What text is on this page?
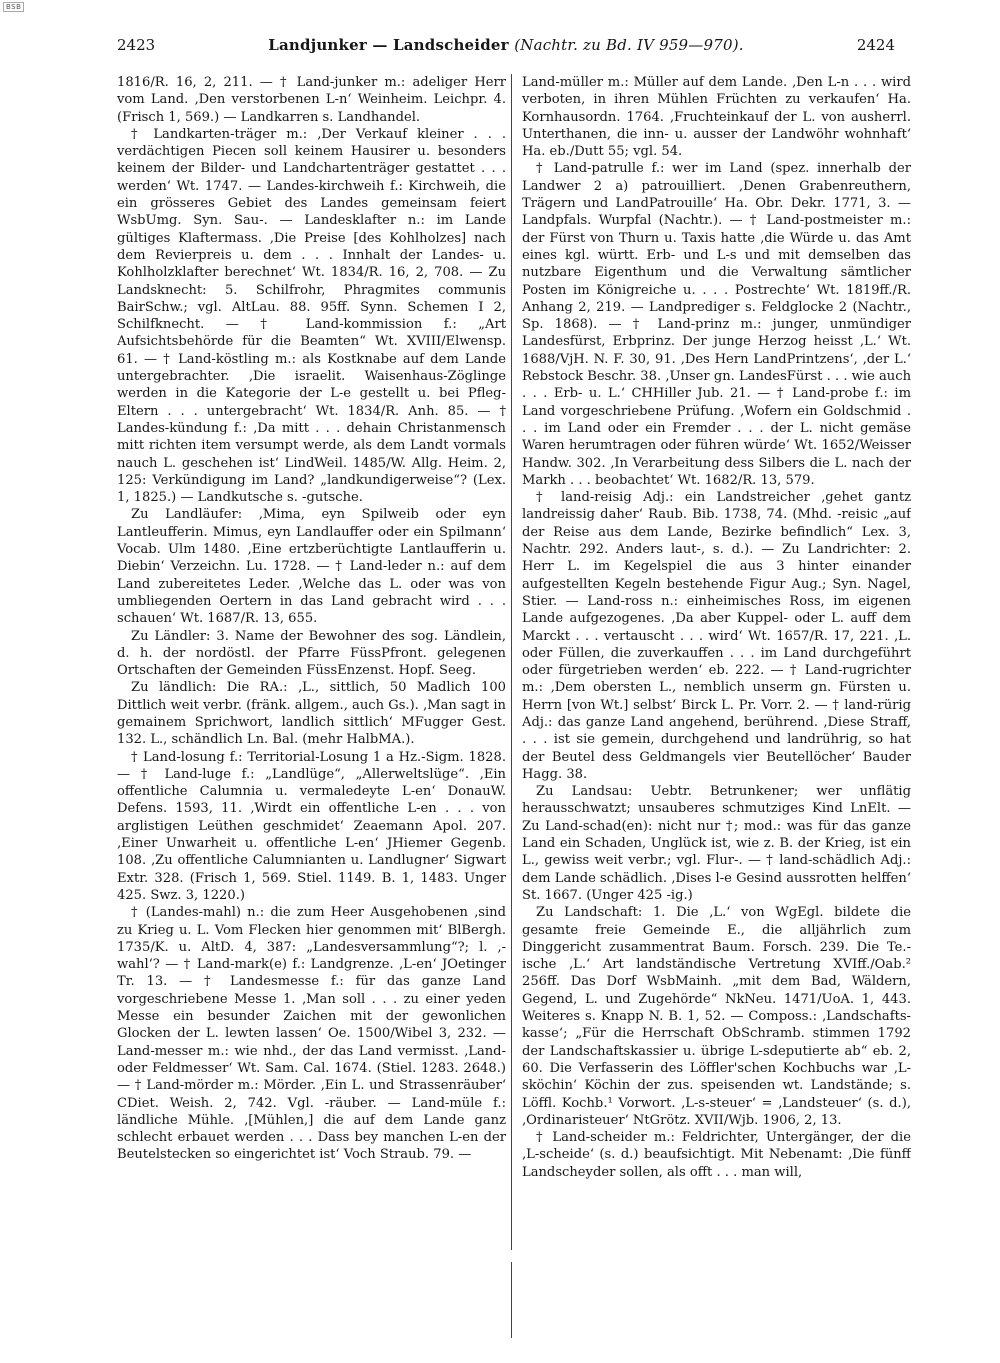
BSB
2423	Landjunker — Landscheider (Nachtr. zu Bd. IV 959—970).	2424

1816/R. 16, 2, 211. — † Land-junker m.: adeliger Herr vom Land. ‚Den verstorbenen L-n‘ Weinheim. Leichpr. 4. (Frisch 1, 569.) — Landkarren s. Landhandel.

† Landkarten-träger m.: ‚Der Verkauf kleiner . . . verdächtigen Piecen soll keinem Hausirer u. besonders keinem der Bilder- und Landchartenträger gestattet . . . werden‘ Wt. 1747. — Landes-kirchweih f.: Kirchweih, die ein grösseres Gebiet des Landes gemeinsam feiert WsbUmg. Syn. Sau-. — Landesklafter n.: im Lande gültiges Klaftermass. ‚Die Preise [des Kohlholzes] nach dem Revierpreis u. dem . . . Innhalt der Landes- u. Kohlholzklafter berechnet‘ Wt. 1834/R. 16, 2, 708. — Zu Landsknecht: 5. Schilfrohr, Phragmites communis BairSchw.; vgl. AltLau. 88. 95ff. Synn. Schemen I 2, Schilfknecht. — † Land-kommission f.: „Art Aufsichtsbehörde für die Beamten“ Wt. XVIII/Elwensp. 61. — † Land-köstling m.: als Kostknabe auf dem Lande untergebrachter. ‚Die israelit. Waisenhaus-Zöglinge werden in die Kategorie der L-e gestellt u. bei Pfleg-Eltern . . . untergebracht‘ Wt. 1834/R. Anh. 85. — † Landes-kündung f.: ‚Da mitt . . . dehain Christanmensch mitt richten item versumpt werde, als dem Landt vormals nauch L. geschehen ist‘ LindWeil. 1485/W. Allg. Heim. 2, 125: Verkündigung im Land? „landkundigerweise“? (Lex. 1, 1825.) — Landkutsche s. -gutsche.

Zu Landläufer: ‚Mima, eyn Spilweib oder eyn Lantleufferin. Mimus, eyn Landlauffer oder ein Spilmann‘ Vocab. Ulm 1480. ‚Eine ertzberüchtigte Lantlaufferin u. Diebin‘ Verzeichn. Lu. 1728. — † Land-leder n.: auf dem Land zubereitetes Leder. ‚Welche das L. oder was von umbliegenden Oertern in das Land gebracht wird . . . schauen‘ Wt. 1687/R. 13, 655.

Zu Ländler: 3. Name der Bewohner des sog. Ländlein, d. h. der nordöstl. der Pfarre FüssPfront. gelegenen Ortschaften der Gemeinden FüssEnzenst. Hopf. Seeg.

Zu ländlich: Die RA.: ‚L., sittlich, 50 Madlich 100 Dittlich weit verbr. (fränk. allgem., auch Gs.). ‚Man sagt in gemainem Sprichwort, landlich sittlich‘ MFugger Gest. 132. L., schändlich Ln. Bal. (mehr HalbMA.).

† Land-losung f.: Territorial-Losung 1 a Hz.-Sigm. 1828. — † Land-luge f.: „Landlüge“, „Allerweltslüge“. ‚Ein offentliche Calumnia u. vermaledeyte L-en‘ DonauW. Defens. 1593, 11. ‚Wirdt ein offentliche L-en . . . von arglistigen Leüthen geschmidet‘ Zeaemann Apol. 207. ‚Einer Unwarheit u. offentliche L-en‘ JHiemer Gegenb. 108. ‚Zu offentliche Calumnianten u. Landlugner‘ Sigwart Extr. 328. (Frisch 1, 569. Stiel. 1149. B. 1, 1483. Unger 425. Swz. 3, 1220.)

† (Landes-mahl) n.: die zum Heer Ausgehobenen ‚sind zu Krieg u. L. Vom Flecken hier genommen mit‘ BlBergh. 1735/K. u. AltD. 4, 387: „Landesversammlung“?; l. ‚-wahl‘? — † Land-mark(e) f.: Landgrenze. ‚L-en‘ JOetinger Tr. 13. — † Landesmesse f.: für das ganze Land vorgeschriebene Messe 1. ‚Man soll . . . zu einer yeden Messe ein besunder Zaichen mit der gewonlichen Glocken der L. lewten lassen‘ Oe. 1500/Wibel 3, 232. — Land-messer m.: wie nhd., der das Land vermisst. ‚Land- oder Feldmesser‘ Wt. Sam. Cal. 1674. (Stiel. 1283. 2648.) — † Land-mörder m.: Mörder. ‚Ein L. und Strassenräuber‘ CDiet. Weish. 2, 742. Vgl. -räuber. — Land-müle f.: ländliche Mühle. ‚[Mühlen,] die auf dem Lande ganz schlecht erbauet werden . . . Dass bey manchen L-en der Beutelstecken so eingerichtet ist‘ Voch Straub. 79. —

Land-müller m.: Müller auf dem Lande. ‚Den L-n . . . wird verboten, in ihren Mühlen Früchten zu verkaufen‘ Ha. Kornhausordn. 1764. ‚Fruchteinkauf der L. von ausherrl. Unterthanen, die inn- u. ausser der Landwöhr wohnhaft‘ Ha. eb./Dutt 55; vgl. 54.

† Land-patrulle f.: wer im Land (spez. innerhalb der Landwer 2 a) patrouilliert. ‚Denen Grabenreuthern, Trägern und LandPatrouille‘ Ha. Obr. Dekr. 1771, 3. — Landpfals. Wurpfal (Nachtr.). — † Land-postmeister m.: der Fürst von Thurn u. Taxis hatte ‚die Würde u. das Amt eines kgl. württ. Erb- und L-s und mit demselben das nutzbare Eigenthum und die Verwaltung sämtlicher Posten im Königreiche u. . . . Postrechte‘ Wt. 1819ff./R. Anhang 2, 219. — Landprediger s. Feldglocke 2 (Nachtr., Sp. 1868). — † Land-prinz m.: junger, unmündiger Landesfürst, Erbprinz. Der junge Herzog heisst ‚L.‘ Wt. 1688/VjH. N. F. 30, 91. ‚Des Hern LandPrintzens‘, ‚der L.‘ Rebstock Beschr. 38. ‚Unser gn. LandesFürst . . . wie auch . . . Erb- u. L.‘ CHHiller Jub. 21. — † Land-probe f.: im Land vorgeschriebene Prüfung. ‚Wofern ein Goldschmid . . . im Land oder ein Fremder . . . der L. nicht gemäse Waren herumtragen oder führen würde‘ Wt. 1652/Weisser Handw. 302. ‚In Verarbeitung dess Silbers die L. nach der Markh . . . beobachtet‘ Wt. 1682/R. 13, 579.

† land-reisig Adj.: ein Landstreicher ‚gehet gantz landreissig daher‘ Raub. Bib. 1738, 74. (Mhd. -reisic „auf der Reise aus dem Lande, Bezirke befindlich“ Lex. 3, Nachtr. 292. Anders laut-, s. d.). — Zu Landrichter: 2. Herr L. im Kegelspiel die aus 3 hinter einander aufgestellten Kegeln bestehende Figur Aug.; Syn. Nagel, Stier. — Land-ross n.: einheimisches Ross, im eigenen Lande aufgezogenes. ‚Da aber Kuppel- oder L. auff dem Marckt . . . vertauscht . . . wird‘ Wt. 1657/R. 17, 221. ‚L. oder Füllen, die zuverkauffen . . . im Land durchgeführt oder fürgetrieben werden‘ eb. 222. — † Land-rugrichter m.: ‚Dem obersten L., nemblich unserm gn. Fürsten u. Herrn [von Wt.] selbst‘ Birck L. Pr. Vorr. 2. — † land-rürig Adj.: das ganze Land angehend, berührend. ‚Diese Straff, . . . ist sie gemein, durchgehend und landrührig, so hat der Beutel dess Geldmangels vier Beutellöcher‘ Bauder Hagg. 38.

Zu Landsau: Uebtr. Betrunkener; wer unflätig herausschwatzt; unsauberes schmutziges Kind LnElt. — Zu Land-schad(en): nicht nur †; mod.: was für das ganze Land ein Schaden, Unglück ist, wie z. B. der Krieg, ist ein L., gewiss weit verbr.; vgl. Flur-. — † land-schädlich Adj.: dem Lande schädlich. ‚Dises l-e Gesind aussrotten helffen‘ St. 1667. (Unger 425 -ig.)

Zu Landschaft: 1. Die ‚L.‘ von WgEgl. bildete die gesamte freie Gemeinde E., die alljährlich zum Dinggericht zusammentrat Baum. Forsch. 239. Die Te.-ische ‚L.‘ Art landständische Vertretung XVIff./Oab.² 256ff. Das Dorf WsbMainh. „mit dem Bad, Wäldern, Gegend, L. und Zugehörde“ NkNeu. 1471/UoA. 1, 443. Weiteres s. Knapp N. B. 1, 52. — Composs.: ‚Landschafts-kasse‘; „Für die Herrschaft ObSchramb. stimmen 1792 der Landschaftskassier u. übrige L-sdeputierte ab“ eb. 2, 60. Die Verfasserin des Löffler'schen Kochbuchs war ‚L-sköchin‘ Köchin der zus. speisenden wt. Landstände; s. Löffl. Kochb.¹ Vorwort. ‚L-s-steuer‘ = ‚Landsteuer‘ (s. d.), ‚Ordinaristeuer‘ NtGrötz. XVII/Wjb. 1906, 2, 13.

† Land-scheider m.: Feldrichter, Untergänger, der die ‚L-scheide‘ (s. d.) beaufsichtigt. Mit Nebenamt: ‚Die fünff Landscheyder sollen, als offt . . . man will,
